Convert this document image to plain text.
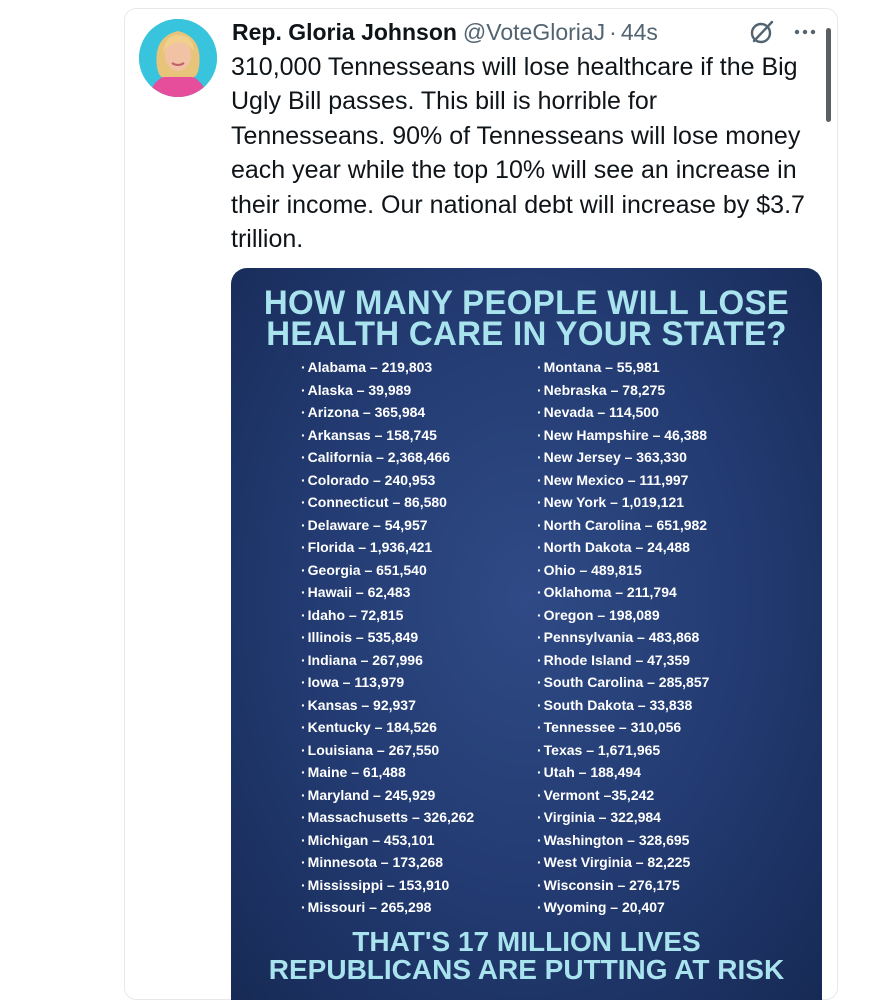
Rep. Gloria Johnson @VoteGloriaJ · 44s
310,000 Tennesseans will lose healthcare if the Big Ugly Bill passes. This bill is horrible for Tennesseans. 90% of Tennesseans will lose money each year while the top 10% will see an increase in their income. Our national debt will increase by $3.7 trillion.
HOW MANY PEOPLE WILL LOSE
HEALTH CARE IN YOUR STATE?
· Alabama – 219,803
· Alaska – 39,989
· Arizona – 365,984
· Arkansas – 158,745
· California – 2,368,466
· Colorado – 240,953
· Connecticut – 86,580
· Delaware – 54,957
· Florida – 1,936,421
· Georgia – 651,540
· Hawaii – 62,483
· Idaho – 72,815
· Illinois – 535,849
· Indiana – 267,996
· Iowa – 113,979
· Kansas – 92,937
· Kentucky – 184,526
· Louisiana – 267,550
· Maine – 61,488
· Maryland – 245,929
· Massachusetts – 326,262
· Michigan – 453,101
· Minnesota – 173,268
· Mississippi – 153,910
· Missouri – 265,298
· Montana – 55,981
· Nebraska – 78,275
· Nevada – 114,500
· New Hampshire – 46,388
· New Jersey – 363,330
· New Mexico – 111,997
· New York – 1,019,121
· North Carolina – 651,982
· North Dakota – 24,488
· Ohio – 489,815
· Oklahoma – 211,794
· Oregon – 198,089
· Pennsylvania – 483,868
· Rhode Island – 47,359
· South Carolina – 285,857
· South Dakota – 33,838
· Tennessee – 310,056
· Texas – 1,671,965
· Utah – 188,494
· Vermont –35,242
· Virginia – 322,984
· Washington – 328,695
· West Virginia – 82,225
· Wisconsin – 276,175
· Wyoming – 20,407
THAT'S 17 MILLION LIVES
REPUBLICANS ARE PUTTING AT RISK
